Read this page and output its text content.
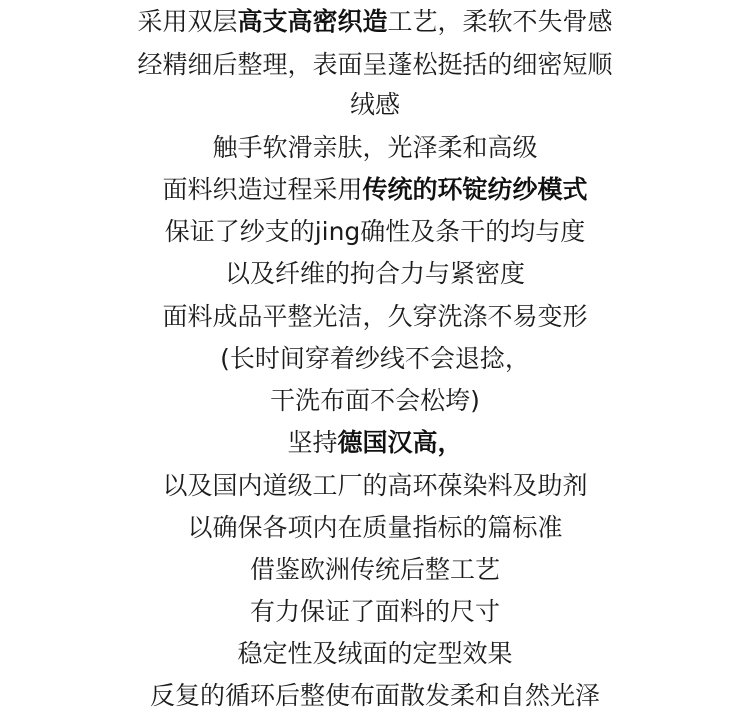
采用双层高支高密织造工艺，柔软不失骨感
经精细后整理，表面呈蓬松挺括的细密短顺
绒感
触手软滑亲肤，光泽柔和高级
面料织造过程采用传统的环锭纺纱模式
保证了纱支的jing确性及条干的均与度
以及纤维的拘合力与紧密度
面料成品平整光洁，久穿洗涤不易变形
(长时间穿着纱线不会退捻，
干洗布面不会松垮)
坚持德国汉高，
以及国内道级工厂的高环葆染料及助剂
以确保各项内在质量指标的篇标准
借鉴欧洲传统后整工艺
有力保证了面料的尺寸
稳定性及绒面的定型效果
反复的循环后整使布面散发柔和自然光泽
